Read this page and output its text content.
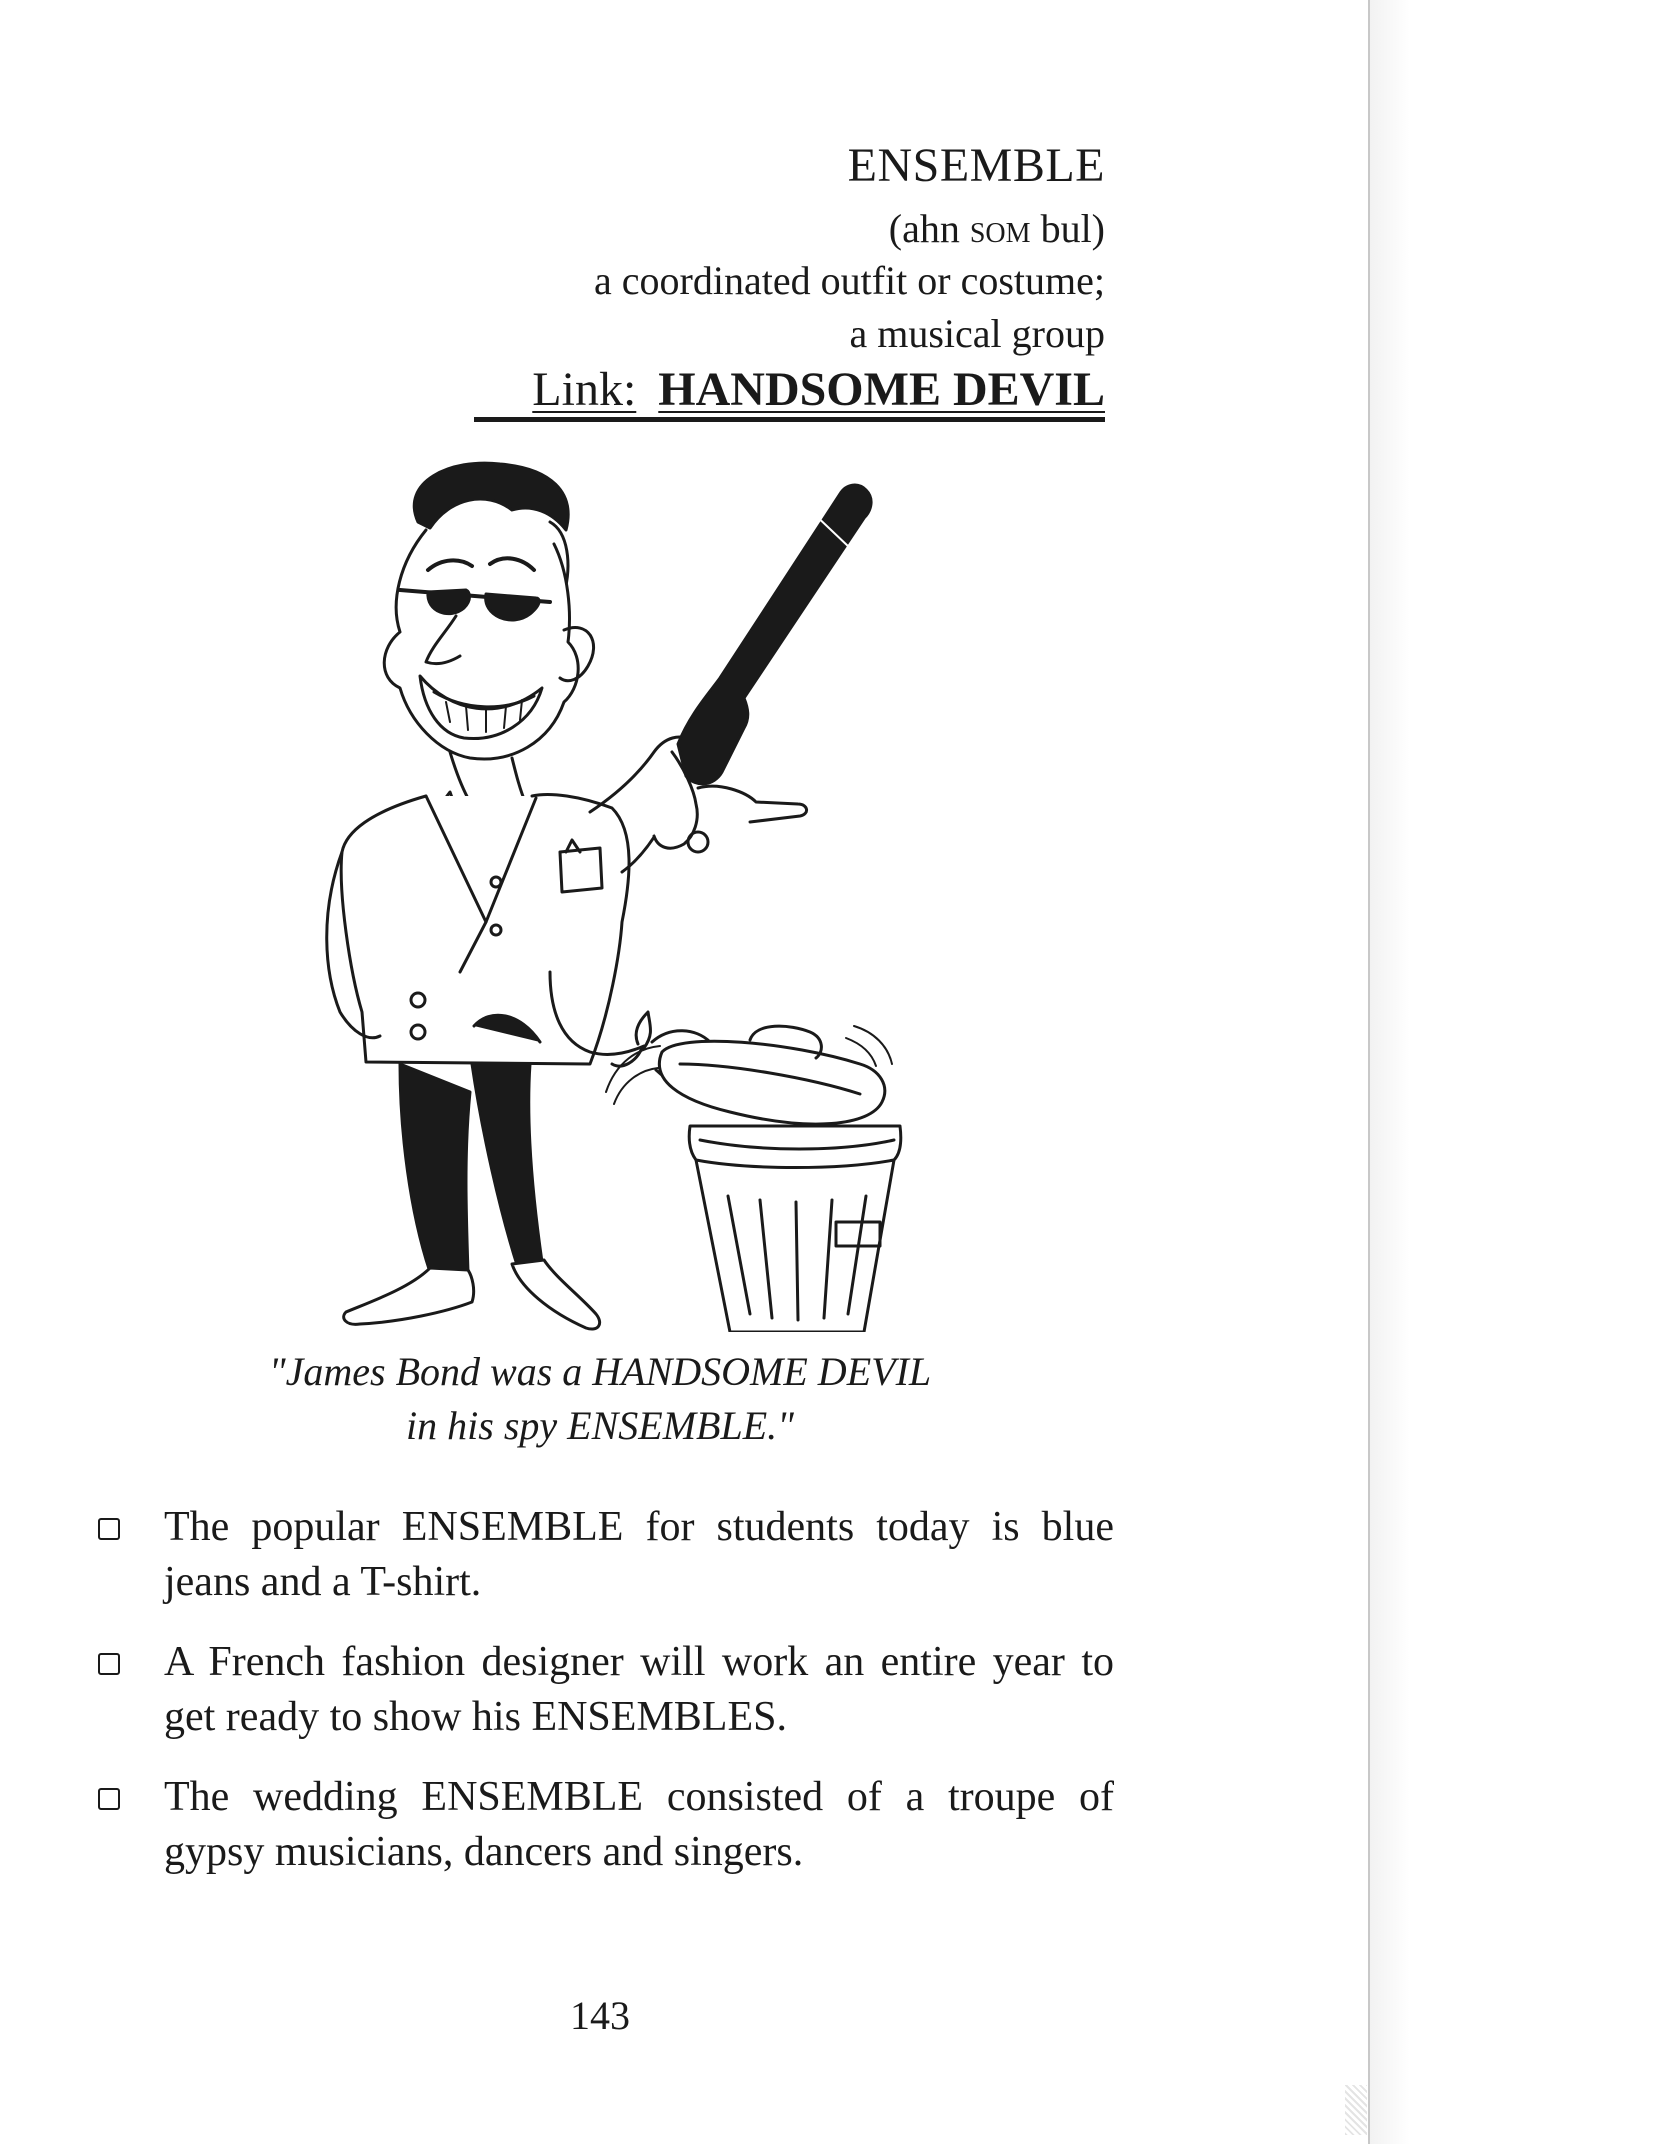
ENSEMBLE
(ahn som bul)
a coordinated outfit or costume;
a musical group
Link: HANDSOME DEVIL
"James Bond was a HANDSOME DEVIL
in his spy ENSEMBLE."
The popular ENSEMBLE for students today is blue jeans and a T-shirt.
A French fashion designer will work an entire year to get ready to show his ENSEMBLES.
The wedding ENSEMBLE consisted of a troupe of gypsy musicians, dancers and singers.
143
